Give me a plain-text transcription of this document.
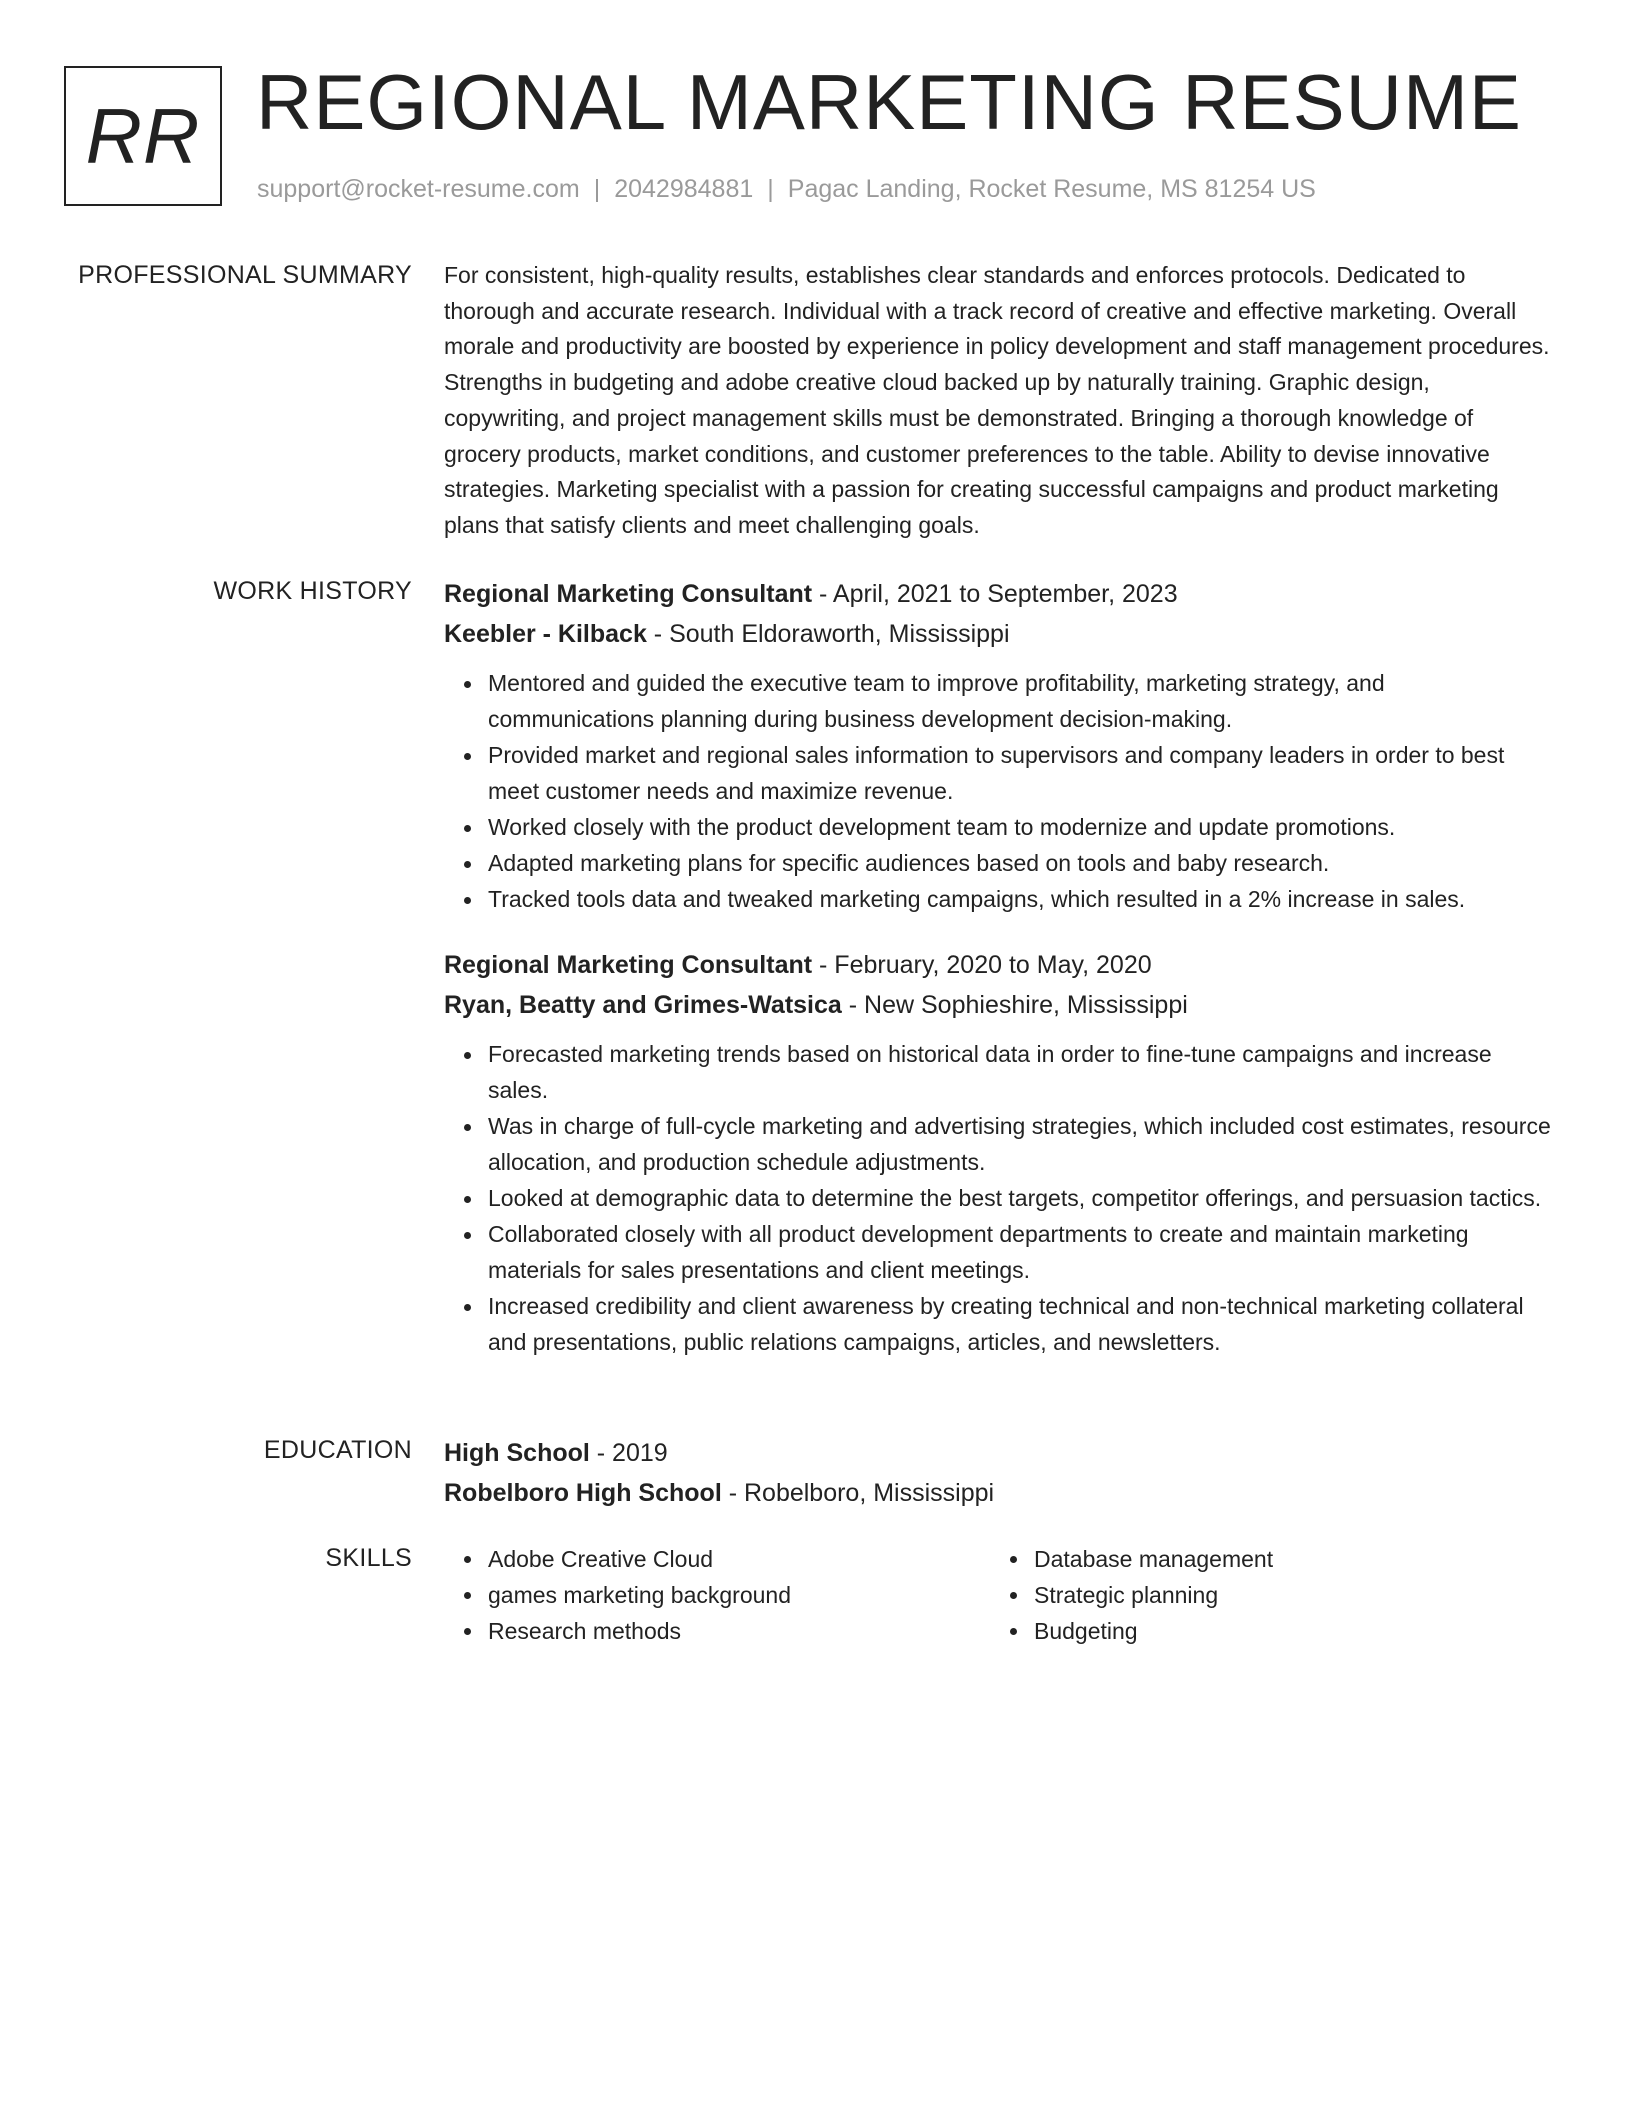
RR REGIONAL MARKETING RESUME
support@rocket-resume.com | 2042984881 | Pagac Landing, Rocket Resume, MS 81254 US
PROFESSIONAL SUMMARY For consistent, high-quality results, establishes clear standards and enforces protocols. Dedicated to thorough and accurate research. Individual with a track record of creative and effective marketing. Overall morale and productivity are boosted by experience in policy development and staff management procedures. Strengths in budgeting and adobe creative cloud backed up by naturally training. Graphic design, copywriting, and project management skills must be demonstrated. Bringing a thorough knowledge of grocery products, market conditions, and customer preferences to the table. Ability to devise innovative strategies. Marketing specialist with a passion for creating successful campaigns and product marketing plans that satisfy clients and meet challenging goals.

WORK HISTORY Regional Marketing Consultant - April, 2021 to September, 2023
Keebler - Kilback - South Eldoraworth, Mississippi
Mentored and guided the executive team to improve profitability, marketing strategy, and communications planning during business development decision-making.
Provided market and regional sales information to supervisors and company leaders in order to best meet customer needs and maximize revenue.
Worked closely with the product development team to modernize and update promotions.
Adapted marketing plans for specific audiences based on tools and baby research.
Tracked tools data and tweaked marketing campaigns, which resulted in a 2% increase in sales.
Regional Marketing Consultant - February, 2020 to May, 2020
Ryan, Beatty and Grimes-Watsica - New Sophieshire, Mississippi
Forecasted marketing trends based on historical data in order to fine-tune campaigns and increase sales.
Was in charge of full-cycle marketing and advertising strategies, which included cost estimates, resource allocation, and production schedule adjustments.
Looked at demographic data to determine the best targets, competitor offerings, and persuasion tactics.
Collaborated closely with all product development departments to create and maintain marketing materials for sales presentations and client meetings.
Increased credibility and client awareness by creating technical and non-technical marketing collateral and presentations, public relations campaigns, articles, and newsletters.
EDUCATION High School - 2019
Robelboro High School - Robelboro, Mississippi
SKILLS	Adobe Creative Cloud
games marketing background
Research methods
Database management
Strategic planning
Budgeting
